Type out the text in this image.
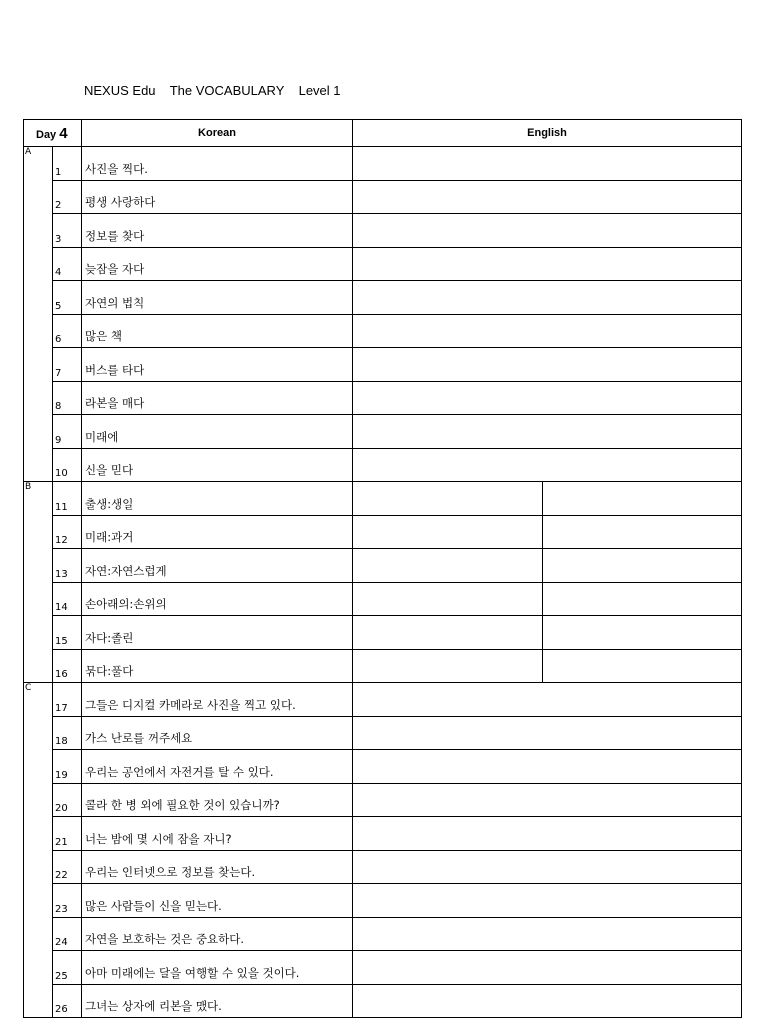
NEXUS Edu    The VOCABULARY    Level 1
Day 4		Korean	English	
A	1	사진을 찍다.		
	2	평생 사랑하다		
	3	정보를 찾다		
	4	늦잠을 자다		
	5	자연의 법칙		
	6	많은 책		
	7	버스를 타다		
	8	라본을 매다		
	9	미래에		
	10	신을 믿다		
B	11	출생:생일		
	12	미래:과거		
	13	자연:자연스럽게		
	14	손아래의:손위의		
	15	자다:졸린		
	16	묶다:풀다		
C	17	그들은 디지컬 카메라로 사진을 찍고 있다.		
	18	가스 난로를 꺼주세요		
	19	우리는 공언에서 자전거를 탈 수 있다.		
	20	콜라 한 병 외에 필요한 것이 있습니까?		
	21	너는 밤에 몇 시에 잠을 자니?		
	22	우리는 인터넷으로 정보를 찾는다.		
	23	많은 사람들이 신을 믿는다.		
	24	자연을 보호하는 것은 중요하다.		
	25	아마 미래에는 달을 여행할 수 있을 것이다.		
	26	그녀는 상자에 리본을 맸다.		
